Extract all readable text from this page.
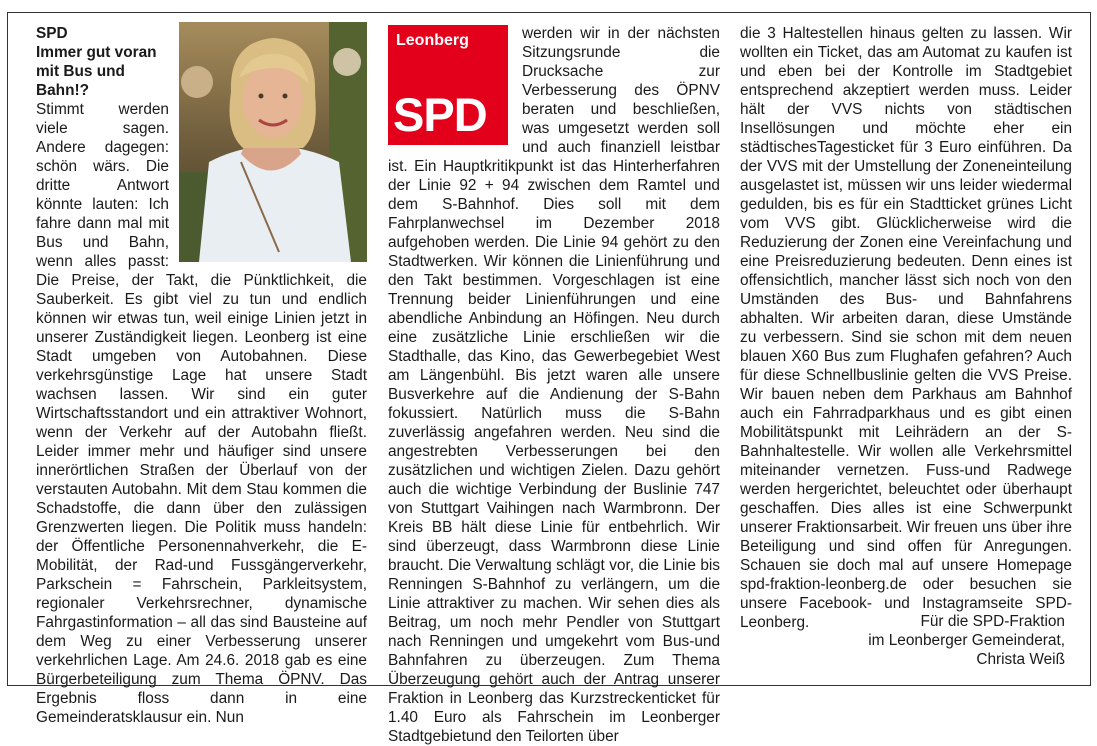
SPD

Immer gut voran mit Bus und Bahn!?

Stimmt werden viele sagen. Andere dagegen: schön wärs. Die dritte Antwort könnte lauten: Ich fahre dann mal mit Bus und Bahn, wenn alles passt: Die Preise, der Takt, die Pünktlichkeit, die Sauberkeit. Es gibt viel zu tun und endlich können wir etwas tun, weil einige Linien jetzt in unserer Zuständigkeit liegen. Leonberg ist eine Stadt umgeben von Autobahnen. Diese verkehrsgünstige Lage hat unsere Stadt wachsen lassen. Wir sind ein guter Wirtschaftsstandort und ein attraktiver Wohnort, wenn der Verkehr auf der Autobahn fließt. Leider immer mehr und häufiger sind unsere innerörtlichen Straßen der Überlauf von der verstauten Autobahn. Mit dem Stau kommen die Schadstoffe, die dann über den zulässigen Grenzwerten liegen. Die Politik muss handeln: der Öffentliche Personennahverkehr, die E-Mobilität, der Rad-und Fussgängerverkehr, Parkschein = Fahrschein, Parkleitsystem, regionaler Verkehrsrechner, dynamische Fahrgastinformation – all das sind Bausteine auf dem Weg zu einer Verbesserung unserer verkehrlichen Lage. Am 24.6. 2018 gab es eine Bürgerbeteiligung zum Thema ÖPNV. Das Ergebnis floss dann in eine Gemeinderatsklausur ein. Nun

Leonberg
SPD

werden wir in der nächsten Sitzungsrunde die Drucksache zur Verbesserung des ÖPNV beraten und beschließen, was umgesetzt werden soll und auch finanziell leistbar ist. Ein Hauptkritikpunkt ist das Hinterherfahren der Linie 92 + 94 zwischen dem Ramtel und dem S-Bahnhof. Dies soll mit dem Fahrplanwechsel im Dezember 2018 aufgehoben werden. Die Linie 94 gehört zu den Stadtwerken. Wir können die Linienführung und den Takt bestimmen. Vorgeschlagen ist eine Trennung beider Linienführungen und eine abendliche Anbindung an Höfingen. Neu durch eine zusätzliche Linie erschließen wir die Stadthalle, das Kino, das Gewerbegebiet West am Längenbühl. Bis jetzt waren alle unsere Busverkehre auf die Andienung der S-Bahn fokussiert. Natürlich muss die S-Bahn zuverlässig angefahren werden. Neu sind die angestrebten Verbesserungen bei den zusätzlichen und wichtigen Zielen. Dazu gehört auch die wichtige Verbindung der Buslinie 747 von Stuttgart Vaihingen nach Warmbronn. Der Kreis BB hält diese Linie für entbehrlich. Wir sind überzeugt, dass Warmbronn diese Linie braucht. Die Verwaltung schlägt vor, die Linie bis Renningen S-Bahnhof zu verlängern, um die Linie attraktiver zu machen. Wir sehen dies als Beitrag, um noch mehr Pendler von Stuttgart nach Renningen und umgekehrt vom Bus-und Bahnfahren zu überzeugen. Zum Thema Überzeugung gehört auch der Antrag unserer Fraktion in Leonberg das Kurzstreckenticket für 1.40 Euro als Fahrschein im Leonberger Stadtgebietund den Teilorten über

die 3 Haltestellen hinaus gelten zu lassen. Wir wollten ein Ticket, das am Automat zu kaufen ist und eben bei der Kontrolle im Stadtgebiet entsprechend akzeptiert werden muss. Leider hält der VVS nichts von städtischen Insellösungen und möchte eher ein städtischesTagesticket für 3 Euro einführen. Da der VVS mit der Umstellung der Zoneneinteilung ausgelastet ist, müssen wir uns leider wiedermal gedulden, bis es für ein Stadtticket grünes Licht vom VVS gibt. Glücklicherweise wird die Reduzierung der Zonen eine Vereinfachung und eine Preisreduzierung bedeuten. Denn eines ist offensichtlich, mancher lässt sich noch von den Umständen des Bus- und Bahnfahrens abhalten. Wir arbeiten daran, diese Umstände zu verbessern. Sind sie schon mit dem neuen blauen X60 Bus zum Flughafen gefahren? Auch für diese Schnellbuslinie gelten die VVS Preise. Wir bauen neben dem Parkhaus am Bahnhof auch ein Fahrradparkhaus und es gibt einen Mobilitätspunkt mit Leihrädern an der S-Bahnhaltestelle. Wir wollen alle Verkehrsmittel miteinander vernetzen. Fuss-und Radwege werden hergerichtet, beleuchtet oder überhaupt geschaffen. Dies alles ist eine Schwerpunkt unserer Fraktionsarbeit. Wir freuen uns über ihre Beteiligung und sind offen für Anregungen. Schauen sie doch mal auf unsere Homepage spd-fraktion-leonberg.de oder besuchen sie unsere Facebook- und Instagramseite SPD-Leonberg.	Für die SPD-Fraktion
im Leonberger Gemeinderat,
Christa Weiß
